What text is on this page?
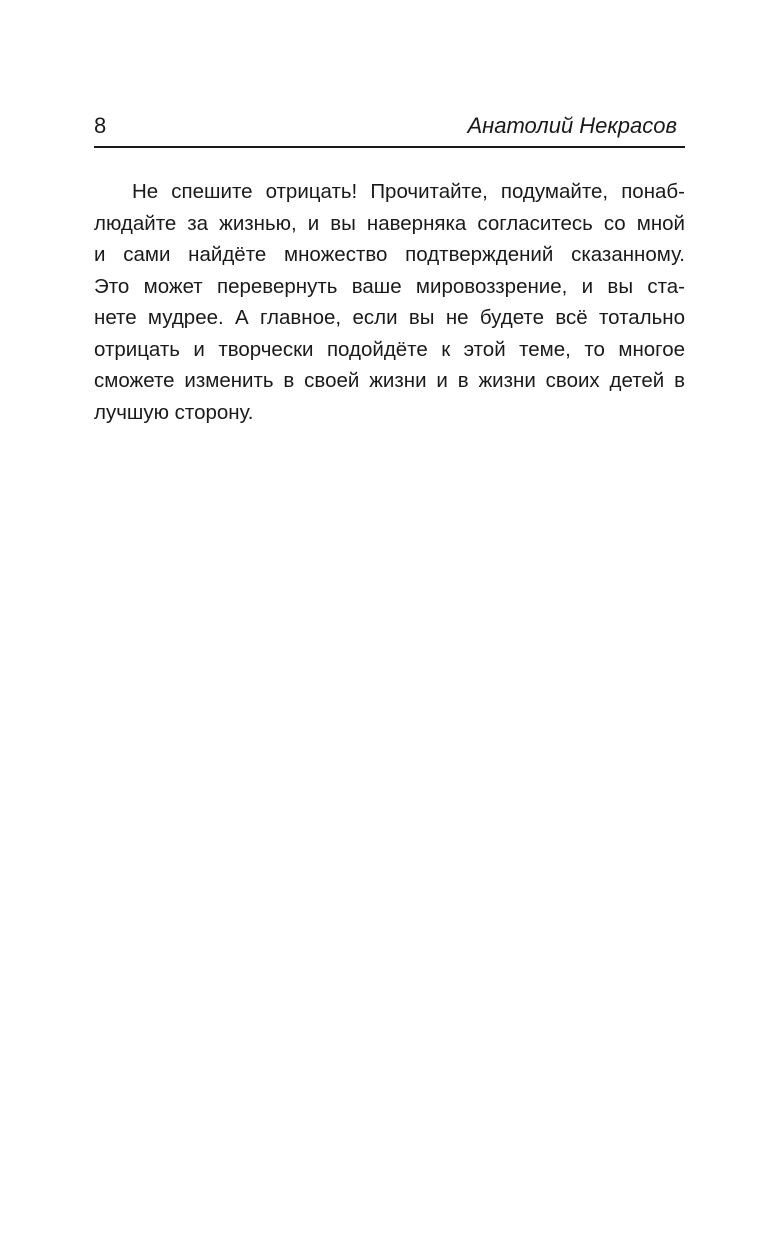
8	Анатолий Некрасов

Не спешите отрицать! Прочитайте, подумайте, понаб-
людайте за жизнью, и вы наверняка согласитесь со мной
и сами найдёте множество подтверждений сказанному.
Это может перевернуть ваше мировоззрение, и вы ста-
нете мудрее. А главное, если вы не будете всё тотально
отрицать и творчески подойдёте к этой теме, то многое
сможете изменить в своей жизни и в жизни своих детей в
лучшую сторону.
